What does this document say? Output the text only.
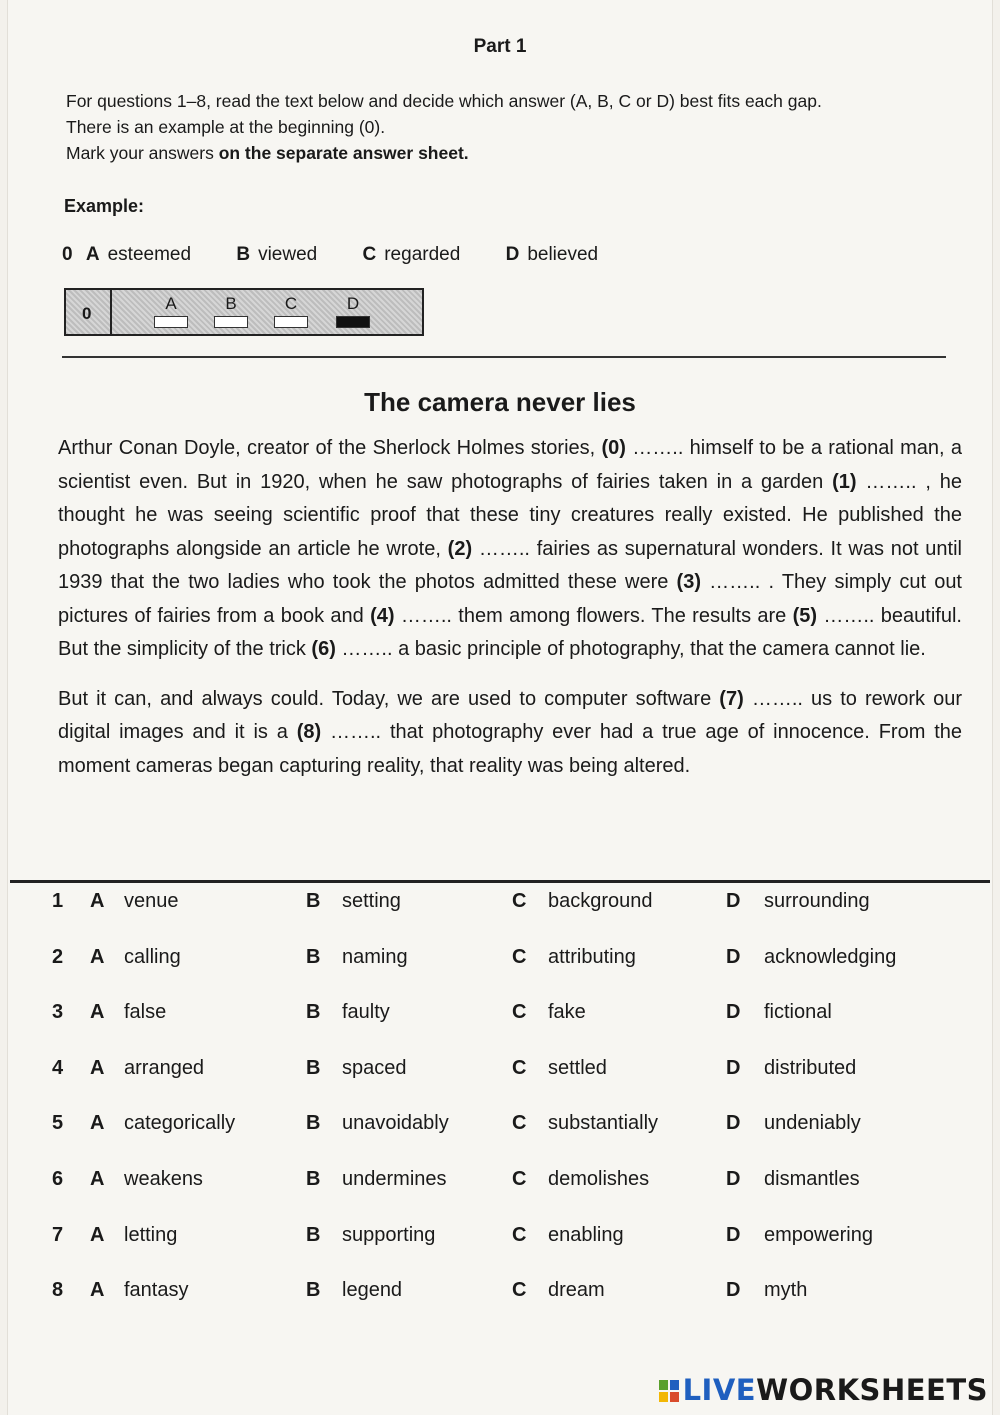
Part 1
For questions 1–8, read the text below and decide which answer (A, B, C or D) best fits each gap.
There is an example at the beginning (0).
Mark your answers on the separate answer sheet.
Example:
0 A esteemed B viewed C regarded D believed
0
A	B	C	D
The camera never lies

Arthur Conan Doyle, creator of the Sherlock Holmes stories, (0) …….. himself to be a rational man, a scientist even. But in 1920, when he saw photographs of fairies taken in a garden (1) …….. , he thought he was seeing scientific proof that these tiny creatures really existed. He published the photographs alongside an article he wrote, (2) …….. fairies as supernatural wonders. It was not until 1939 that the two ladies who took the photos admitted these were (3) …….. . They simply cut out pictures of fairies from a book and (4) …….. them among flowers. The results are (5) …….. beautiful. But the simplicity of the trick (6) …….. a basic principle of photography, that the camera cannot lie.

But it can, and always could. Today, we are used to computer software (7) …….. us to rework our digital images and it is a (8) …….. that photography ever had a true age of innocence. From the moment cameras began capturing reality, that reality was being altered.

1 A venue	B setting	C background	D surrounding
2 A calling	B naming	C attributing	D acknowledging
3 A false	B faulty	C fake	D fictional
4 A arranged	B spaced	C settled	D distributed
5 A categorically	B unavoidably	C substantially	D undeniably
6 A weakens	B undermines	C demolishes	D dismantles
7 A letting	B supporting	C enabling	D empowering
8 A fantasy	B legend	C dream	D myth
LIVEWORKSHEETS
